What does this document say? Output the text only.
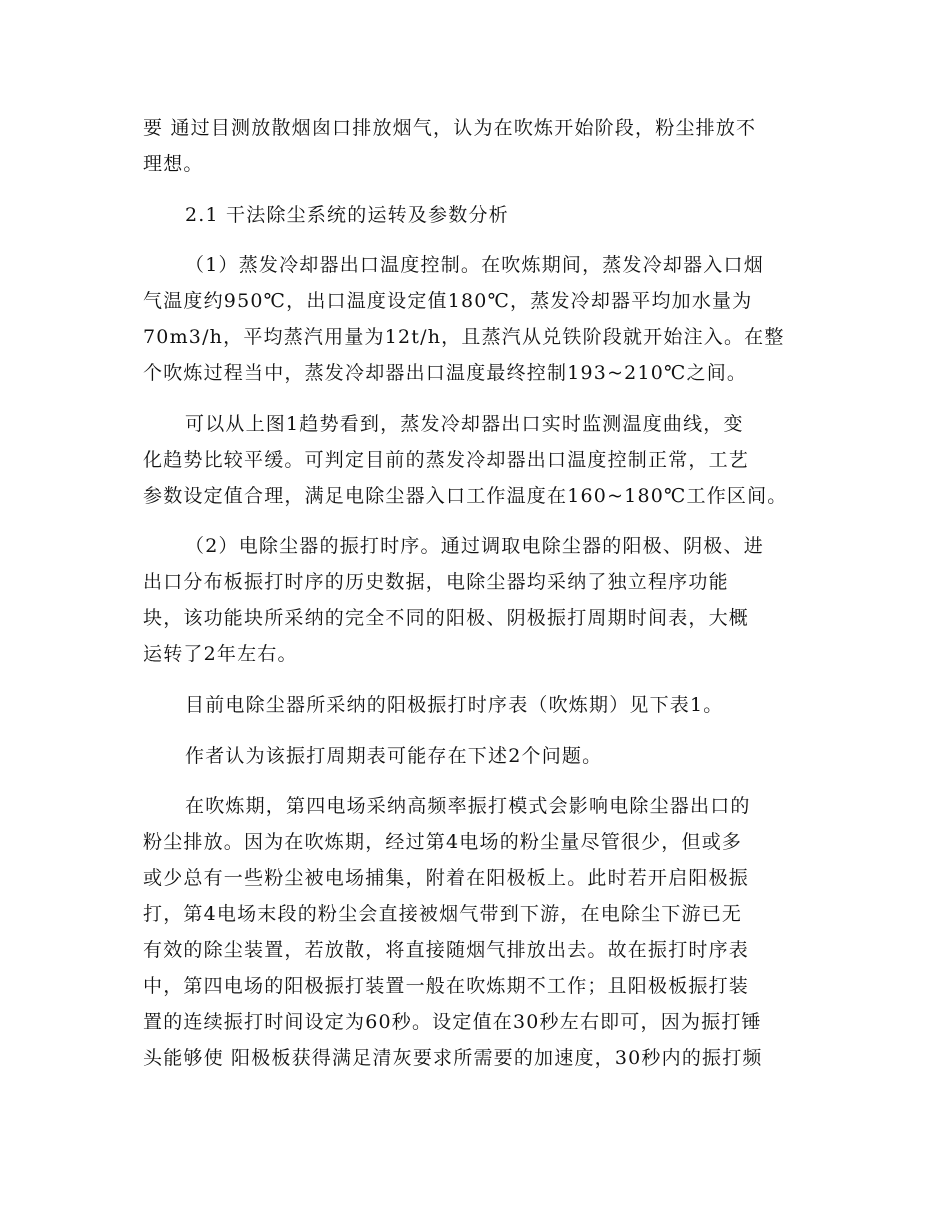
要 通过目测放散烟囱口排放烟气，认为在吹炼开始阶段，粉尘排放不
理想。
2.1 干法除尘系统的运转及参数分析
（1）蒸发冷却器出口温度控制。在吹炼期间，蒸发冷却器入口烟
气温度约950℃，出口温度设定值180℃，蒸发冷却器平均加水量为
70m3/h，平均蒸汽用量为12t/h，且蒸汽从兑铁阶段就开始注入。在整
个吹炼过程当中，蒸发冷却器出口温度最终控制193~210℃之间。
可以从上图1趋势看到，蒸发冷却器出口实时监测温度曲线，变
化趋势比较平缓。可判定目前的蒸发冷却器出口温度控制正常，工艺
参数设定值合理，满足电除尘器入口工作温度在160~180℃工作区间。
（2）电除尘器的振打时序。通过调取电除尘器的阳极、阴极、进
出口分布板振打时序的历史数据，电除尘器均采纳了独立程序功能
块，该功能块所采纳的完全不同的阳极、阴极振打周期时间表，大概
运转了2年左右。
目前电除尘器所采纳的阳极振打时序表（吹炼期）见下表1。
作者认为该振打周期表可能存在下述2个问题。
在吹炼期，第四电场采纳高频率振打模式会影响电除尘器出口的
粉尘排放。因为在吹炼期，经过第4电场的粉尘量尽管很少，但或多
或少总有一些粉尘被电场捕集，附着在阳极板上。此时若开启阳极振
打，第4电场末段的粉尘会直接被烟气带到下游，在电除尘下游已无
有效的除尘装置，若放散，将直接随烟气排放出去。故在振打时序表
中，第四电场的阳极振打装置一般在吹炼期不工作；且阳极板振打装
置的连续振打时间设定为60秒。设定值在30秒左右即可，因为振打锤
头能够使 阳极板获得满足清灰要求所需要的加速度，30秒内的振打频
